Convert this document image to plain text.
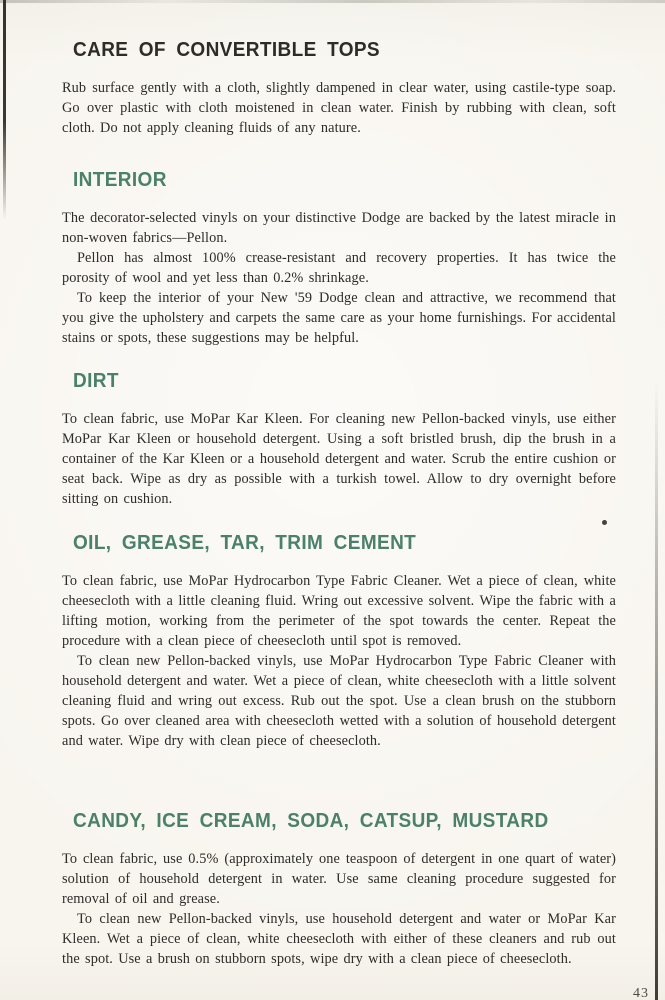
CARE OF CONVERTIBLE TOPS

Rub surface gently with a cloth, slightly dampened in clear water, using castile-type soap. Go over plastic with cloth moistened in clean water. Finish by rubbing with clean, soft cloth. Do not apply cleaning fluids of any nature.

INTERIOR

The decorator-selected vinyls on your distinctive Dodge are backed by the latest miracle in non-woven fabrics—Pellon.

Pellon has almost 100% crease-resistant and recovery properties. It has twice the porosity of wool and yet less than 0.2% shrinkage.

To keep the interior of your New '59 Dodge clean and attractive, we recommend that you give the upholstery and carpets the same care as your home furnishings. For accidental stains or spots, these suggestions may be helpful.

DIRT

To clean fabric, use MoPar Kar Kleen. For cleaning new Pellon-backed vinyls, use either MoPar Kar Kleen or household detergent. Using a soft bristled brush, dip the brush in a container of the Kar Kleen or a household detergent and water. Scrub the entire cushion or seat back. Wipe as dry as possible with a turkish towel. Allow to dry overnight before sitting on cushion.

OIL, GREASE, TAR, TRIM CEMENT

To clean fabric, use MoPar Hydrocarbon Type Fabric Cleaner. Wet a piece of clean, white cheesecloth with a little cleaning fluid. Wring out excessive solvent. Wipe the fabric with a lifting motion, working from the perimeter of the spot towards the center. Repeat the procedure with a clean piece of cheesecloth until spot is removed.

To clean new Pellon-backed vinyls, use MoPar Hydrocarbon Type Fabric Cleaner with household detergent and water. Wet a piece of clean, white cheesecloth with a little solvent cleaning fluid and wring out excess. Rub out the spot. Use a clean brush on the stubborn spots. Go over cleaned area with cheesecloth wetted with a solution of household detergent and water. Wipe dry with clean piece of cheesecloth.

CANDY, ICE CREAM, SODA, CATSUP, MUSTARD

To clean fabric, use 0.5% (approximately one teaspoon of detergent in one quart of water) solution of household detergent in water. Use same cleaning procedure suggested for removal of oil and grease.

To clean new Pellon-backed vinyls, use household detergent and water or MoPar Kar Kleen. Wet a piece of clean, white cheesecloth with either of these cleaners and rub out the spot. Use a brush on stubborn spots, wipe dry with a clean piece of cheesecloth.

43
